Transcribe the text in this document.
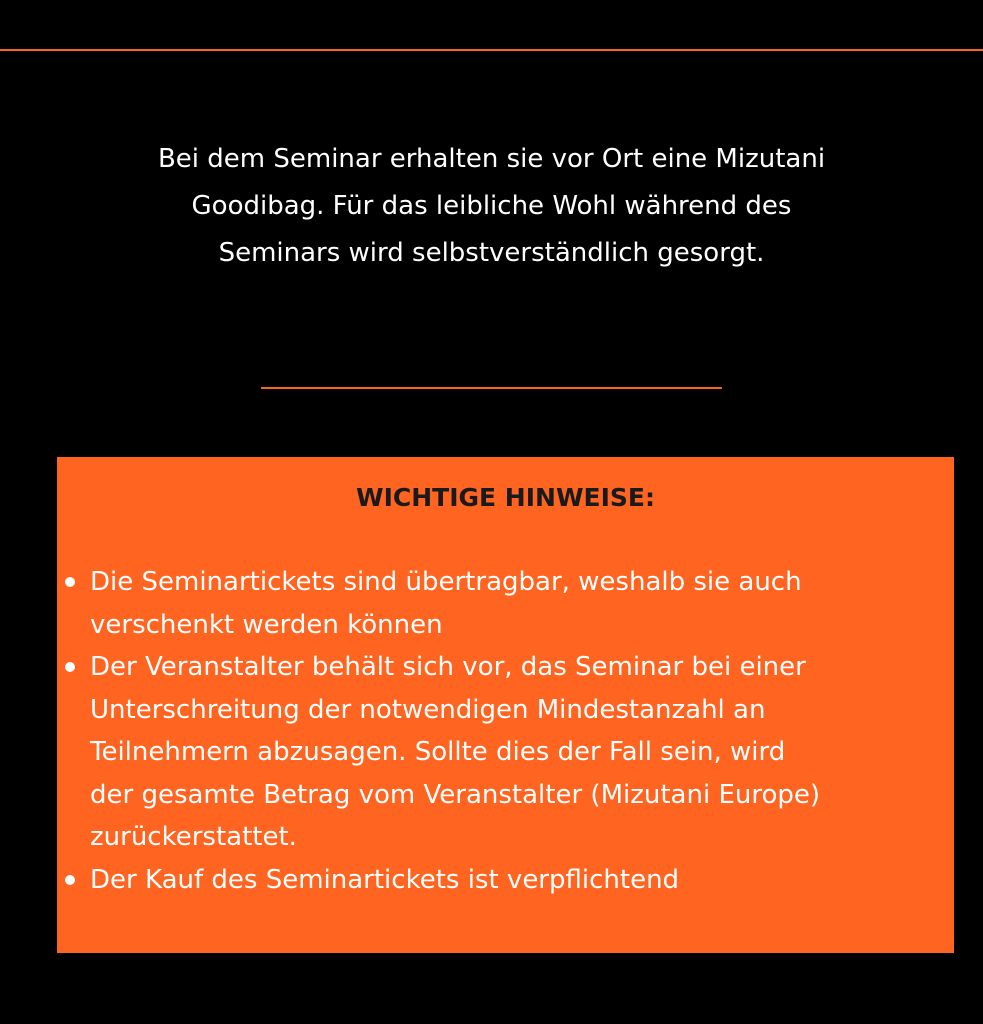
Bei dem Seminar erhalten sie vor Ort eine Mizutani
Goodibag. Für das leibliche Wohl während des
Seminars wird selbstverständlich gesorgt.

WICHTIGE HINWEISE:
Die Seminartickets sind übertragbar, weshalb sie auch
verschenkt werden können
Der Veranstalter behält sich vor, das Seminar bei einer
Unterschreitung der notwendigen Mindestanzahl an
Teilnehmern abzusagen. Sollte dies der Fall sein, wird
der gesamte Betrag vom Veranstalter (Mizutani Europe)
zurückerstattet.
Der Kauf des Seminartickets ist verpflichtend
